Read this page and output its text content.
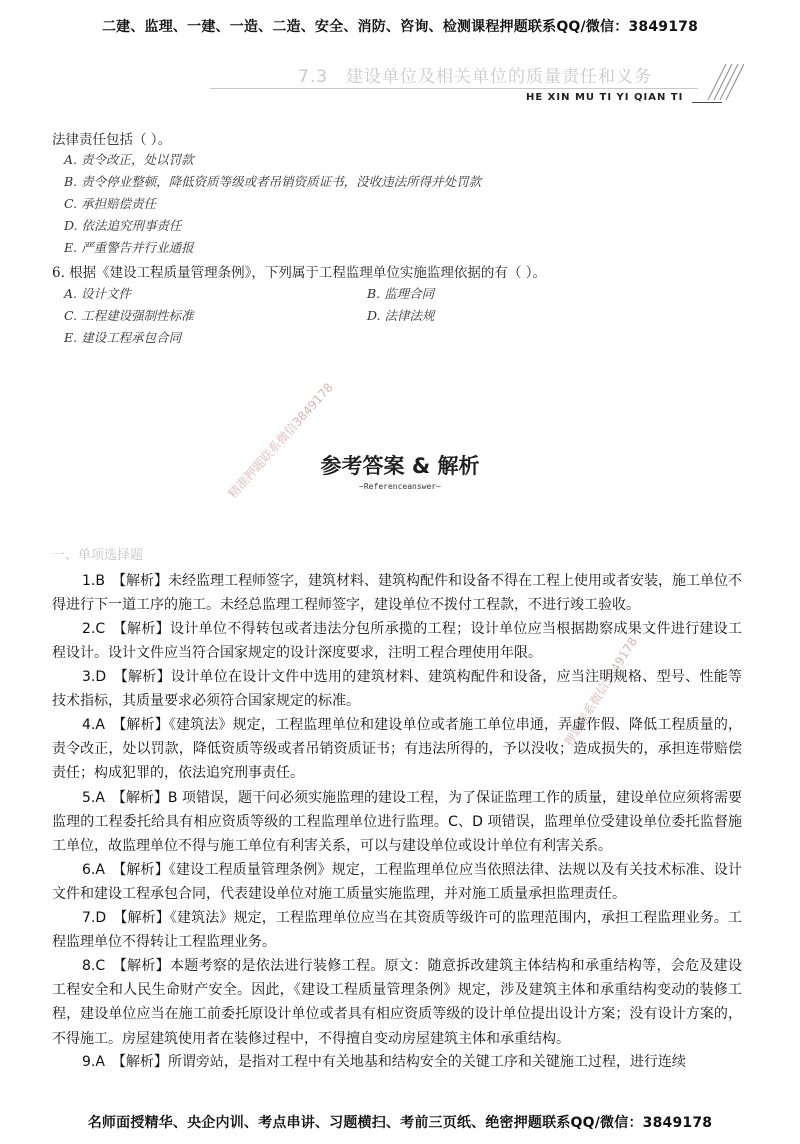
二建、监理、一建、一造、二造、安全、消防、咨询、检测课程押题联系QQ/微信：3849178
7.3　建设单位及相关单位的质量责任和义务
HE XIN MU TI YI QIAN TI
法律责任包括（ ）。
A. 责令改正，处以罚款
B. 责令停业整顿，降低资质等级或者吊销资质证书，没收违法所得并处罚款
C. 承担赔偿责任
D. 依法追究刑事责任
E. 严重警告并行业通报
6. 根据《建设工程质量管理条例》，下列属于工程监理单位实施监理依据的有（ ）。
A. 设计文件	B. 监理合同
C. 工程建设强制性标准	D. 法律法规
E. 建设工程承包合同
精准押题联系微信3849178
押题联系微信3849178
参考答案 & 解析
~Referenceanswer~
一、单项选择题
1.B　【解析】未经监理工程师签字，建筑材料、建筑构配件和设备不得在工程上使用或者安装，施工单位不得进行下一道工序的施工。未经总监理工程师签字，建设单位不拨付工程款，不进行竣工验收。
2.C　【解析】设计单位不得转包或者违法分包所承揽的工程；设计单位应当根据勘察成果文件进行建设工程设计。设计文件应当符合国家规定的设计深度要求，注明工程合理使用年限。
3.D　【解析】设计单位在设计文件中选用的建筑材料、建筑构配件和设备，应当注明规格、型号、性能等技术指标，其质量要求必须符合国家规定的标准。
4.A　【解析】《建筑法》规定，工程监理单位和建设单位或者施工单位串通，弄虚作假、降低工程质量的，责令改正，处以罚款，降低资质等级或者吊销资质证书；有违法所得的，予以没收；造成损失的，承担连带赔偿责任；构成犯罪的，依法追究刑事责任。
5.A　【解析】B 项错误，题干问必须实施监理的建设工程，为了保证监理工作的质量，建设单位应须将需要监理的工程委托给具有相应资质等级的工程监理单位进行监理。C、D 项错误，监理单位受建设单位委托监督施工单位，故监理单位不得与施工单位有利害关系，可以与建设单位或设计单位有利害关系。
6.A　【解析】《建设工程质量管理条例》规定，工程监理单位应当依照法律、法规以及有关技术标准、设计文件和建设工程承包合同，代表建设单位对施工质量实施监理，并对施工质量承担监理责任。
7.D　【解析】《建筑法》规定，工程监理单位应当在其资质等级许可的监理范围内，承担工程监理业务。工程监理单位不得转让工程监理业务。
8.C　【解析】本题考察的是依法进行装修工程。原文：随意拆改建筑主体结构和承重结构等，会危及建设工程安全和人民生命财产安全。因此，《建设工程质量管理条例》规定，涉及建筑主体和承重结构变动的装修工程，建设单位应当在施工前委托原设计单位或者具有相应资质等级的设计单位提出设计方案；没有设计方案的，不得施工。房屋建筑使用者在装修过程中，不得擅自变动房屋建筑主体和承重结构。
9.A　【解析】所谓旁站，是指对工程中有关地基和结构安全的关键工序和关键施工过程，进行连续
名师面授精华、央企内训、考点串讲、习题横扫、考前三页纸、绝密押题联系QQ/微信：3849178
